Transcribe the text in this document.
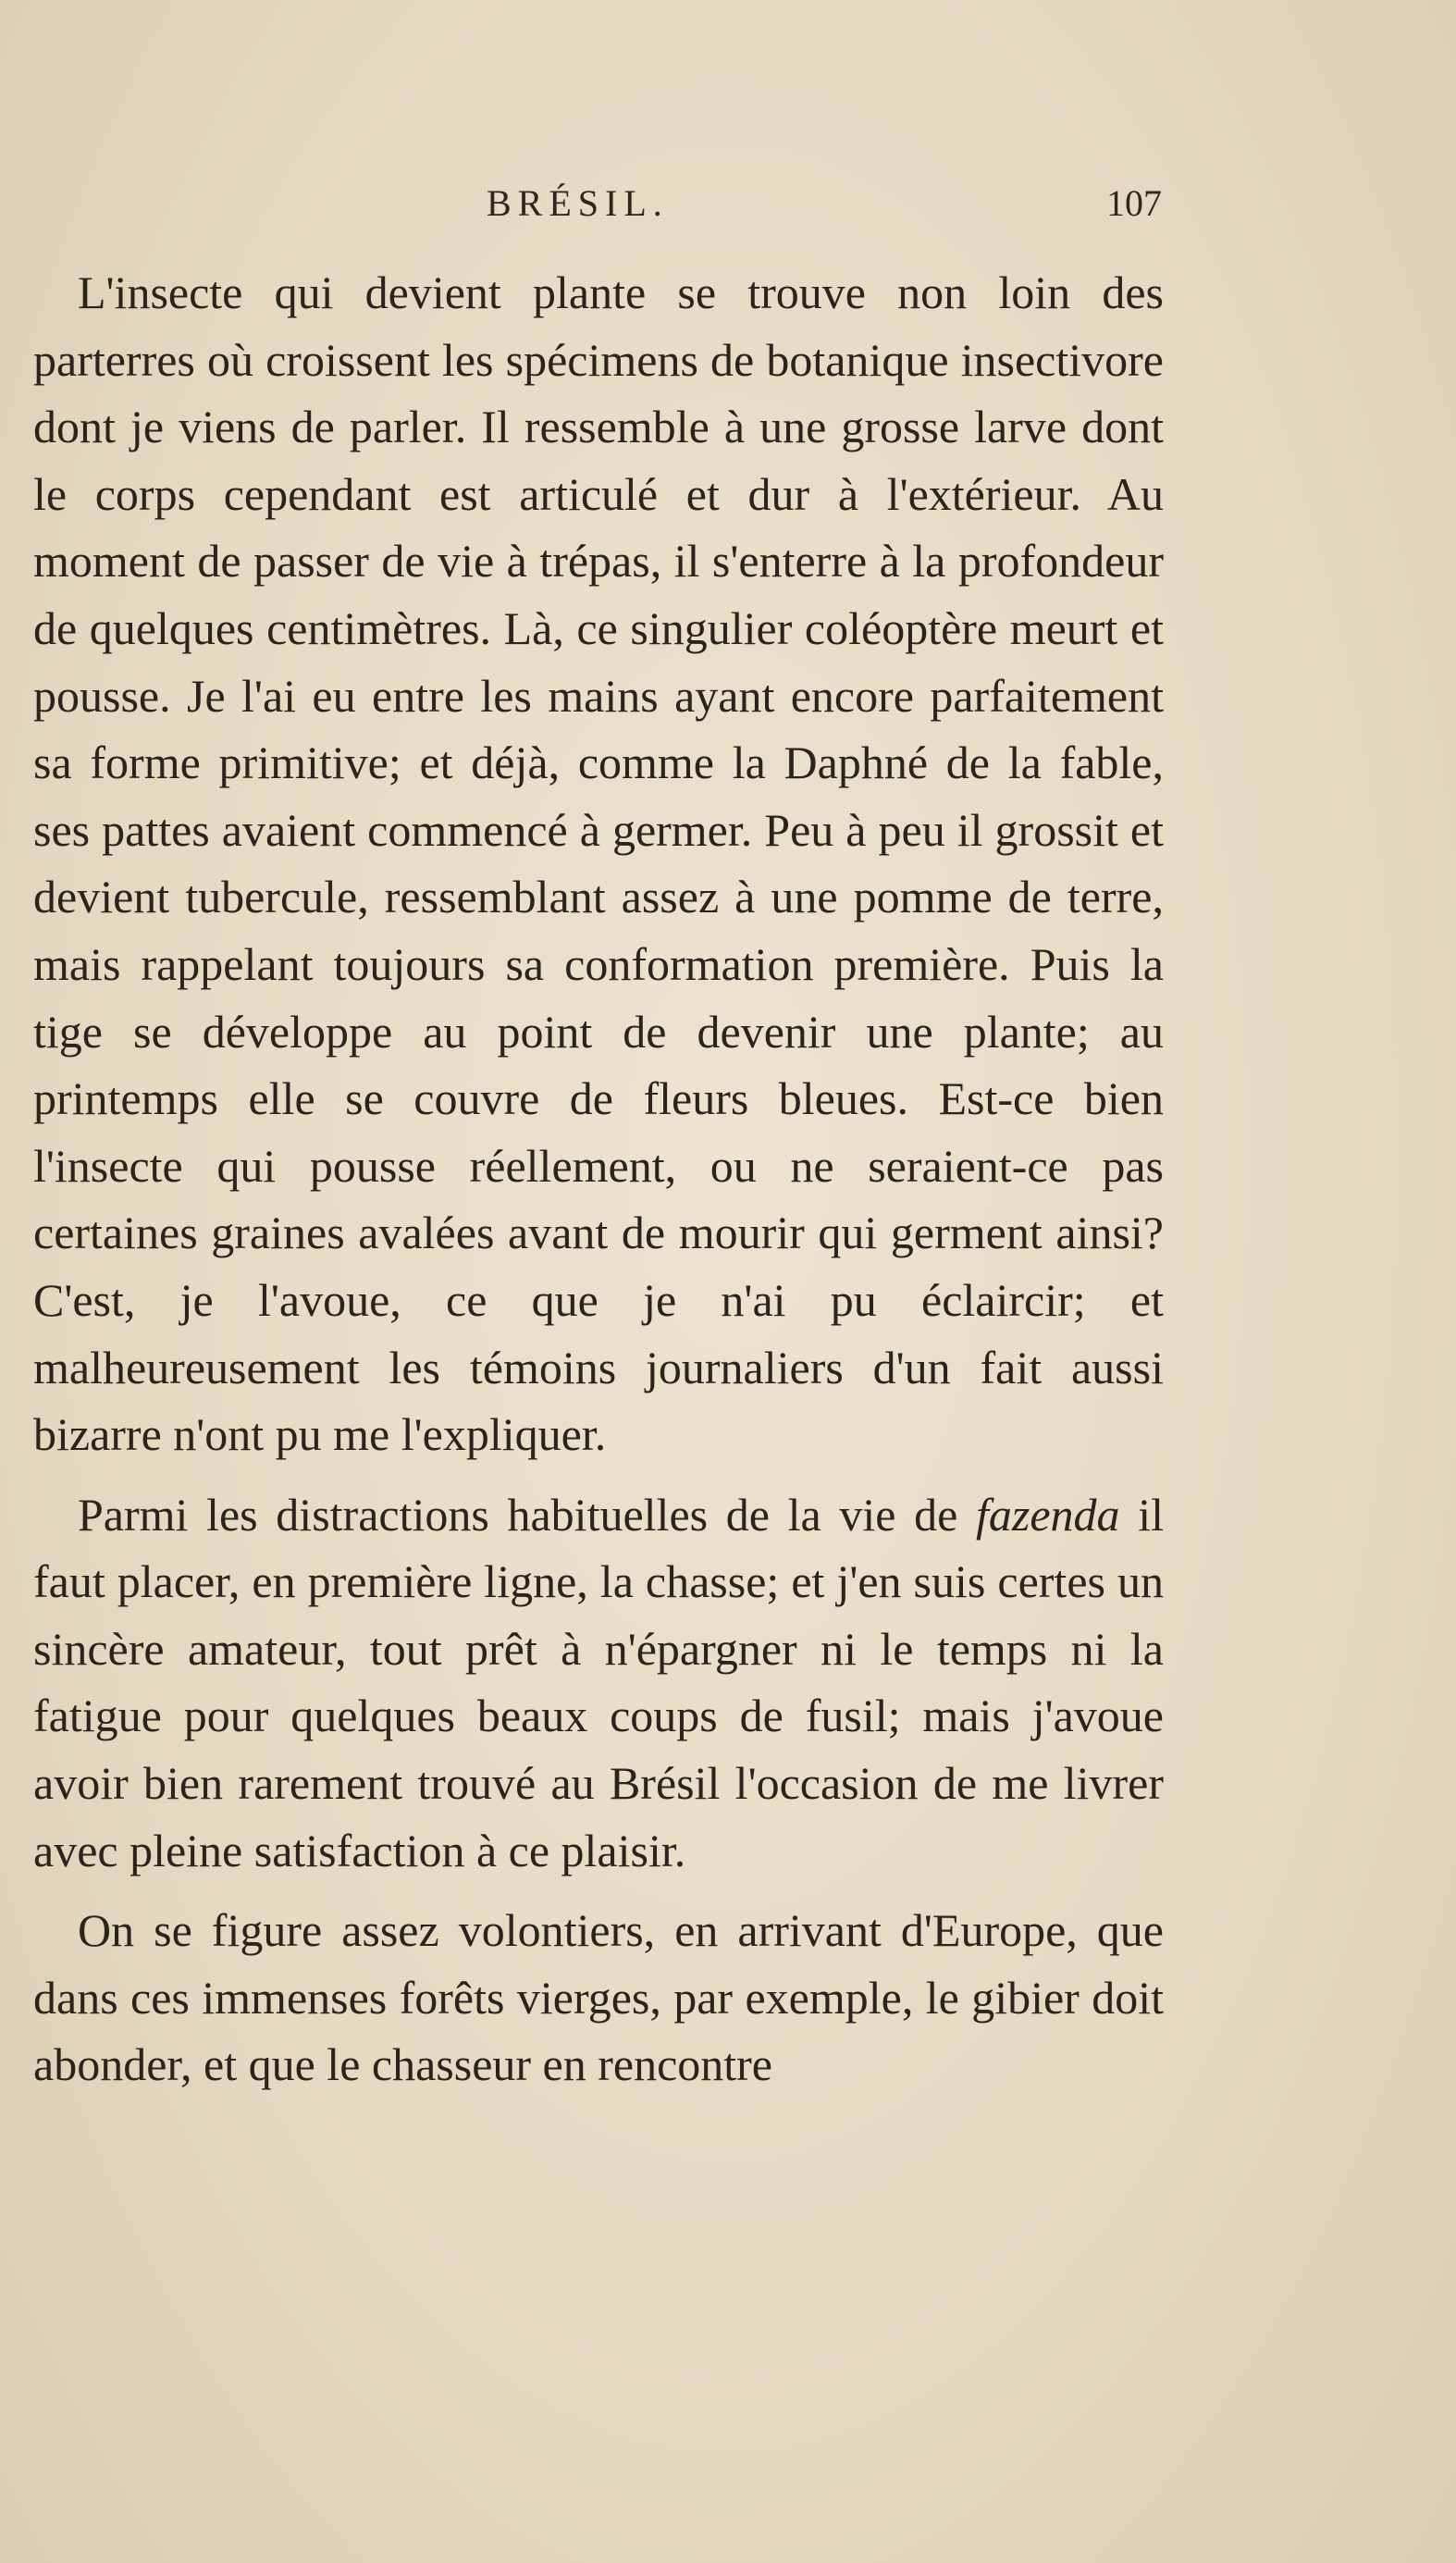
BRÉSIL.	107

L'insecte qui devient plante se trouve non loin des parterres où croissent les spécimens de botanique insectivore dont je viens de parler. Il ressemble à une grosse larve dont le corps cependant est articulé et dur à l'extérieur. Au moment de passer de vie à trépas, il s'enterre à la profondeur de quelques centimètres. Là, ce singulier coléoptère meurt et pousse. Je l'ai eu entre les mains ayant encore parfaitement sa forme primitive; et déjà, comme la Daphné de la fable, ses pattes avaient commencé à germer. Peu à peu il grossit et devient tubercule, ressemblant assez à une pomme de terre, mais rappelant toujours sa conformation première. Puis la tige se développe au point de devenir une plante; au printemps elle se couvre de fleurs bleues. Est-ce bien l'insecte qui pousse réellement, ou ne seraient-ce pas certaines graines avalées avant de mourir qui germent ainsi? C'est, je l'avoue, ce que je n'ai pu éclaircir; et malheureusement les témoins journaliers d'un fait aussi bizarre n'ont pu me l'expliquer.

Parmi les distractions habituelles de la vie de fazenda il faut placer, en première ligne, la chasse; et j'en suis certes un sincère amateur, tout prêt à n'épargner ni le temps ni la fatigue pour quelques beaux coups de fusil; mais j'avoue avoir bien rarement trouvé au Brésil l'occasion de me livrer avec pleine satisfaction à ce plaisir.

On se figure assez volontiers, en arrivant d'Europe, que dans ces immenses forêts vierges, par exemple, le gibier doit abonder, et que le chasseur en rencontre
